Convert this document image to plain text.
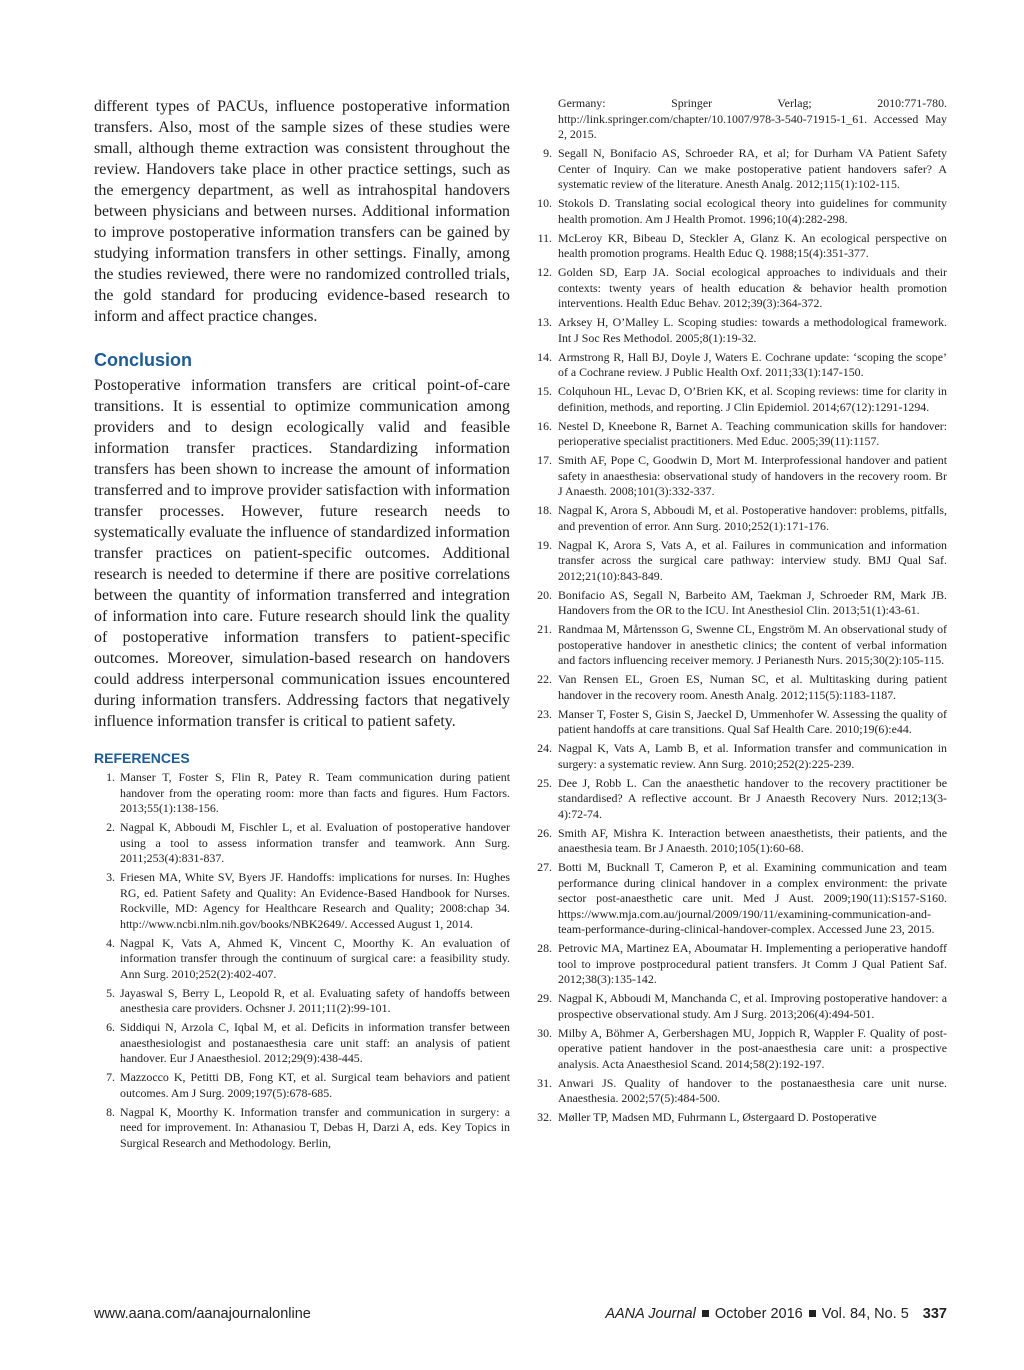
different types of PACUs, influence postoperative information transfers. Also, most of the sample sizes of these studies were small, although theme extraction was consistent throughout the review. Handovers take place in other practice settings, such as the emergency department, as well as intrahospital handovers between physicians and between nurses. Additional information to improve postoperative information transfers can be gained by studying information transfers in other settings. Finally, among the studies reviewed, there were no randomized controlled trials, the gold standard for producing evidence-based research to inform and affect practice changes.

Conclusion

Postoperative information transfers are critical point-of-care transitions. It is essential to optimize communication among providers and to design ecologically valid and feasible information transfer practices. Standardizing information transfers has been shown to increase the amount of information transferred and to improve provider satisfaction with information transfer processes. However, future research needs to systematically evaluate the influence of standardized information transfer practices on patient-specific outcomes. Additional research is needed to determine if there are positive correlations between the quantity of information transferred and integration of information into care. Future research should link the quality of postoperative information transfers to patient-specific outcomes. Moreover, simulation-based research on handovers could address interpersonal communication issues encountered during information transfers. Addressing factors that negatively influence information transfer is critical to patient safety.

REFERENCES
1. Manser T, Foster S, Flin R, Patey R. Team communication during patient handover from the operating room: more than facts and figures. Hum Factors. 2013;55(1):138-156.
2. Nagpal K, Abboudi M, Fischler L, et al. Evaluation of postoperative handover using a tool to assess information transfer and teamwork. Ann Surg. 2011;253(4):831-837.
3. Friesen MA, White SV, Byers JF. Handoffs: implications for nurses. In: Hughes RG, ed. Patient Safety and Quality: An Evidence-Based Handbook for Nurses. Rockville, MD: Agency for Healthcare Research and Quality; 2008:chap 34. http://www.ncbi.nlm.nih.gov/books/NBK2649/. Accessed August 1, 2014.
4. Nagpal K, Vats A, Ahmed K, Vincent C, Moorthy K. An evaluation of information transfer through the continuum of surgical care: a feasibility study. Ann Surg. 2010;252(2):402-407.
5. Jayaswal S, Berry L, Leopold R, et al. Evaluating safety of handoffs between anesthesia care providers. Ochsner J. 2011;11(2):99-101.
6. Siddiqui N, Arzola C, Iqbal M, et al. Deficits in information transfer between anaesthesiologist and postanaesthesia care unit staff: an analysis of patient handover. Eur J Anaesthesiol. 2012;29(9):438-445.
7. Mazzocco K, Petitti DB, Fong KT, et al. Surgical team behaviors and patient outcomes. Am J Surg. 2009;197(5):678-685.
8. Nagpal K, Moorthy K. Information transfer and communication in surgery: a need for improvement. In: Athanasiou T, Debas H, Darzi A, eds. Key Topics in Surgical Research and Methodology. Berlin,
Germany: Springer Verlag; 2010:771-780. http://link.springer.com/chapter/10.1007/978-3-540-71915-1_61. Accessed May 2, 2015.
9. Segall N, Bonifacio AS, Schroeder RA, et al; for Durham VA Patient Safety Center of Inquiry. Can we make postoperative patient handovers safer? A systematic review of the literature. Anesth Analg. 2012;115(1):102-115.
10. Stokols D. Translating social ecological theory into guidelines for community health promotion. Am J Health Promot. 1996;10(4):282-298.
11. McLeroy KR, Bibeau D, Steckler A, Glanz K. An ecological perspective on health promotion programs. Health Educ Q. 1988;15(4):351-377.
12. Golden SD, Earp JA. Social ecological approaches to individuals and their contexts: twenty years of health education & behavior health promotion interventions. Health Educ Behav. 2012;39(3):364-372.
13. Arksey H, O’Malley L. Scoping studies: towards a methodological framework. Int J Soc Res Methodol. 2005;8(1):19-32.
14. Armstrong R, Hall BJ, Doyle J, Waters E. Cochrane update: ‘scoping the scope’ of a Cochrane review. J Public Health Oxf. 2011;33(1):147-150.
15. Colquhoun HL, Levac D, O’Brien KK, et al. Scoping reviews: time for clarity in definition, methods, and reporting. J Clin Epidemiol. 2014;67(12):1291-1294.
16. Nestel D, Kneebone R, Barnet A. Teaching communication skills for handover: perioperative specialist practitioners. Med Educ. 2005;39(11):1157.
17. Smith AF, Pope C, Goodwin D, Mort M. Interprofessional handover and patient safety in anaesthesia: observational study of handovers in the recovery room. Br J Anaesth. 2008;101(3):332-337.
18. Nagpal K, Arora S, Abboudi M, et al. Postoperative handover: problems, pitfalls, and prevention of error. Ann Surg. 2010;252(1):171-176.
19. Nagpal K, Arora S, Vats A, et al. Failures in communication and information transfer across the surgical care pathway: interview study. BMJ Qual Saf. 2012;21(10):843-849.
20. Bonifacio AS, Segall N, Barbeito AM, Taekman J, Schroeder RM, Mark JB. Handovers from the OR to the ICU. Int Anesthesiol Clin. 2013;51(1):43-61.
21. Randmaa M, Mårtensson G, Swenne CL, Engström M. An observational study of postoperative handover in anesthetic clinics; the content of verbal information and factors influencing receiver memory. J Perianesth Nurs. 2015;30(2):105-115.
22. Van Rensen EL, Groen ES, Numan SC, et al. Multitasking during patient handover in the recovery room. Anesth Analg. 2012;115(5):1183-1187.
23. Manser T, Foster S, Gisin S, Jaeckel D, Ummenhofer W. Assessing the quality of patient handoffs at care transitions. Qual Saf Health Care. 2010;19(6):e44.
24. Nagpal K, Vats A, Lamb B, et al. Information transfer and communication in surgery: a systematic review. Ann Surg. 2010;252(2):225-239.
25. Dee J, Robb L. Can the anaesthetic handover to the recovery practitioner be standardised? A reflective account. Br J Anaesth Recovery Nurs. 2012;13(3-4):72-74.
26. Smith AF, Mishra K. Interaction between anaesthetists, their patients, and the anaesthesia team. Br J Anaesth. 2010;105(1):60-68.
27. Botti M, Bucknall T, Cameron P, et al. Examining communication and team performance during clinical handover in a complex environment: the private sector post-anaesthetic care unit. Med J Aust. 2009;190(11):S157-S160. https://www.mja.com.au/journal/2009/190/11/examining-communication-and-team-performance-during-clinical-handover-complex. Accessed June 23, 2015.
28. Petrovic MA, Martinez EA, Aboumatar H. Implementing a perioperative handoff tool to improve postprocedural patient transfers. Jt Comm J Qual Patient Saf. 2012;38(3):135-142.
29. Nagpal K, Abboudi M, Manchanda C, et al. Improving postoperative handover: a prospective observational study. Am J Surg. 2013;206(4):494-501.
30. Milby A, Böhmer A, Gerbershagen MU, Joppich R, Wappler F. Quality of post-operative patient handover in the post-anaesthesia care unit: a prospective analysis. Acta Anaesthesiol Scand. 2014;58(2):192-197.
31. Anwari JS. Quality of handover to the postanaesthesia care unit nurse. Anaesthesia. 2002;57(5):484-500.
32. Møller TP, Madsen MD, Fuhrmann L, Østergaard D. Postoperative
www.aana.com/aanajournalonline	AANA Journal October 2016 Vol. 84, No. 5 337
